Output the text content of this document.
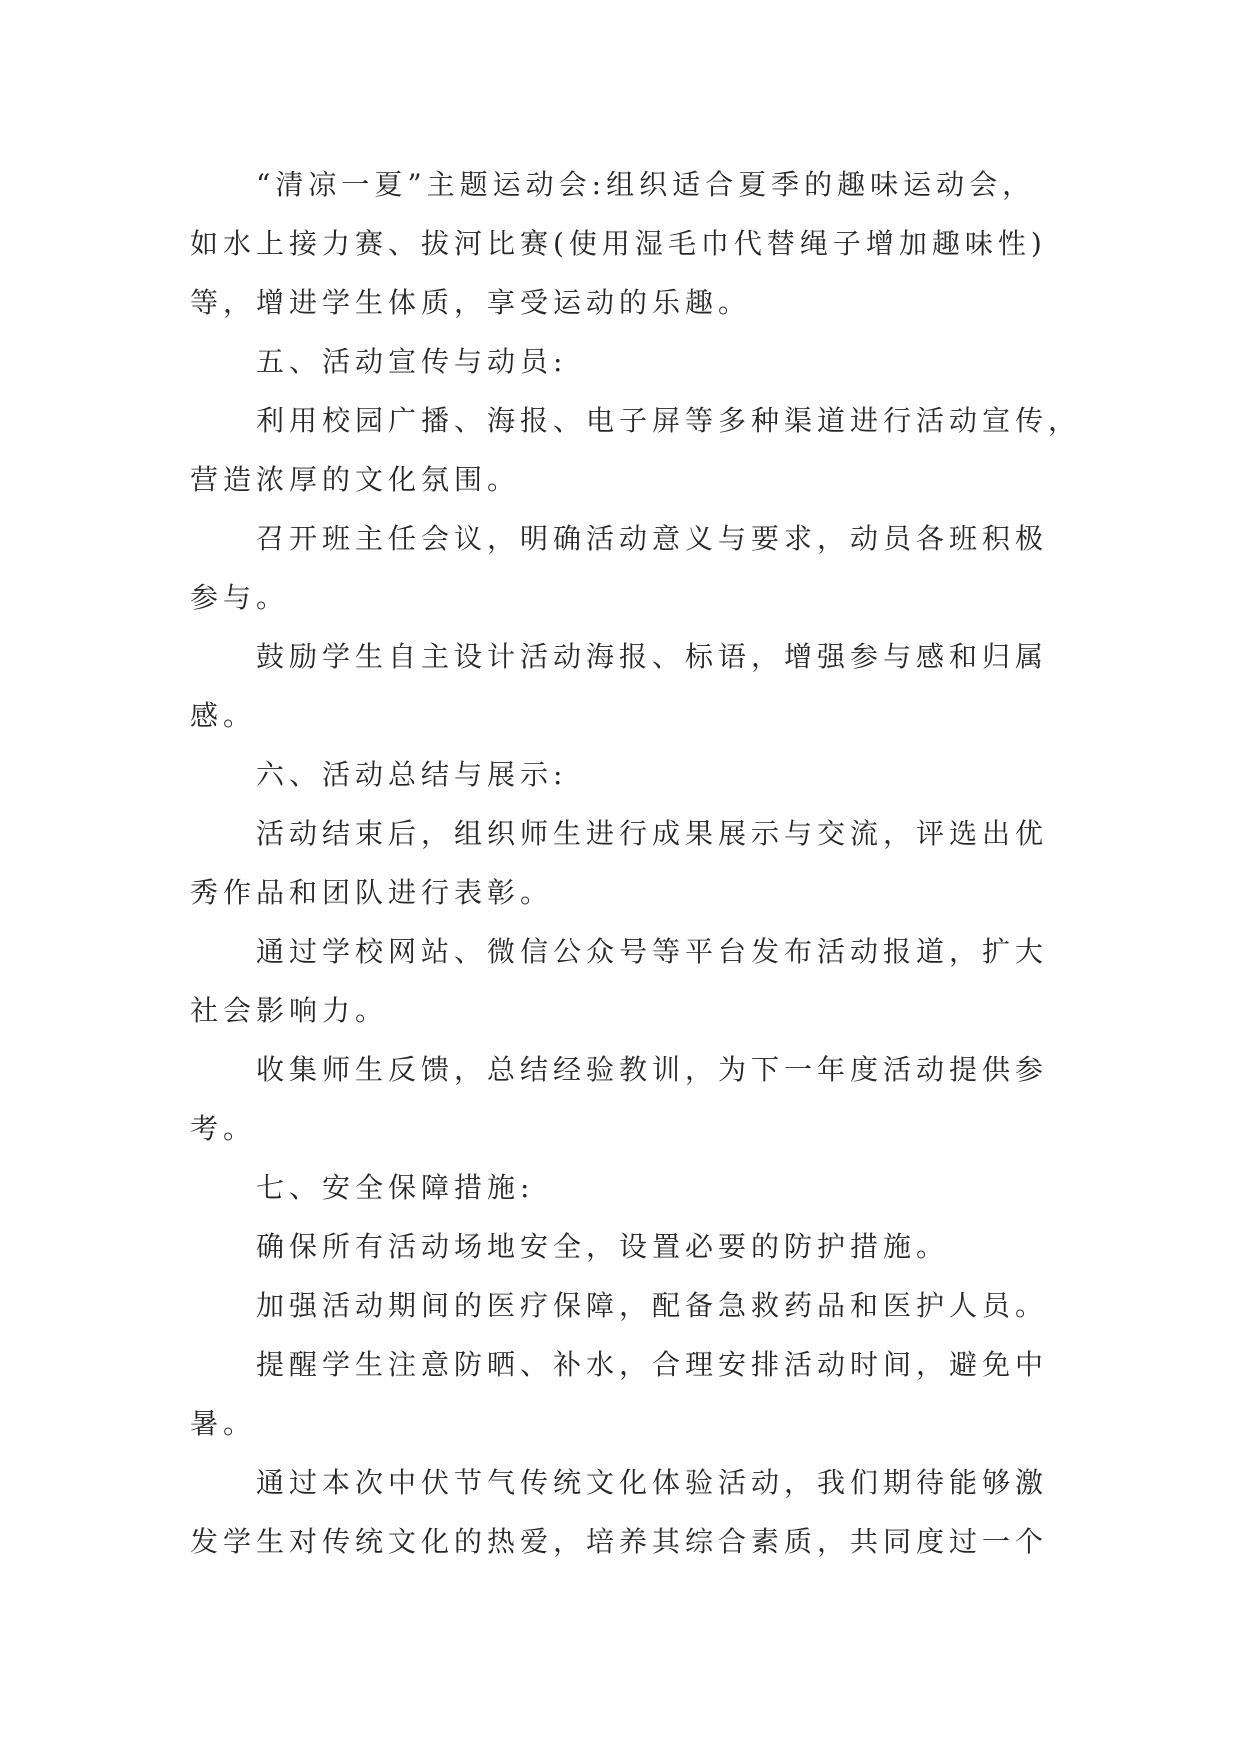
“清凉一夏”主题运动会:组织适合夏季的趣味运动会，
如水上接力赛、拔河比赛(使用湿毛巾代替绳子增加趣味性)
等，增进学生体质，享受运动的乐趣。
五、活动宣传与动员:
利用校园广播、海报、电子屏等多种渠道进行活动宣传，
营造浓厚的文化氛围。
召开班主任会议，明确活动意义与要求，动员各班积极
参与。
鼓励学生自主设计活动海报、标语，增强参与感和归属
感。
六、活动总结与展示:
活动结束后，组织师生进行成果展示与交流，评选出优
秀作品和团队进行表彰。
通过学校网站、微信公众号等平台发布活动报道，扩大
社会影响力。
收集师生反馈，总结经验教训，为下一年度活动提供参
考。
七、安全保障措施:
确保所有活动场地安全，设置必要的防护措施。
加强活动期间的医疗保障，配备急救药品和医护人员。
提醒学生注意防晒、补水，合理安排活动时间，避免中
暑。
通过本次中伏节气传统文化体验活动，我们期待能够激
发学生对传统文化的热爱，培养其综合素质，共同度过一个
